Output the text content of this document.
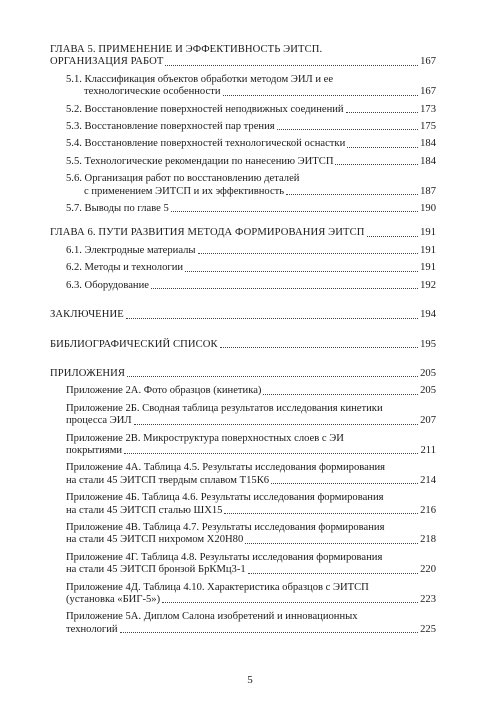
ГЛАВА 5. ПРИМЕНЕНИЕ И ЭФФЕКТИВНОСТЬ ЭИТСП.
ОРГАНИЗАЦИЯ РАБОТ	167
5.1. Классификация объектов обработки методом ЭИЛ и ее
технологические особенности	167
5.2. Восстановление поверхностей неподвижных соединений	173
5.3. Восстановление поверхностей пар трения	175
5.4. Восстановление поверхностей технологической оснастки	184
5.5. Технологические рекомендации по нанесению ЭИТСП	184
5.6. Организация работ по восстановлению деталей
с применением ЭИТСП и их эффективность	187
5.7. Выводы по главе 5	190
ГЛАВА 6. ПУТИ РАЗВИТИЯ МЕТОДА ФОРМИРОВАНИЯ ЭИТСП	191
6.1. Электродные материалы	191
6.2. Методы и технологии	191
6.3. Оборудование	192
ЗАКЛЮЧЕНИЕ	194
БИБЛИОГРАФИЧЕСКИЙ СПИСОК	195
ПРИЛОЖЕНИЯ	205
Приложение 2А. Фото образцов (кинетика)	205
Приложение 2Б. Сводная таблица результатов исследования кинетики
процесса ЭИЛ	207
Приложение 2В. Микроструктура поверхностных слоев с ЭИ
покрытиями	211
Приложение 4А. Таблица 4.5. Результаты исследования формирования
на стали 45 ЭИТСП твердым сплавом Т15К6	214
Приложение 4Б. Таблица 4.6. Результаты исследования формирования
на стали 45 ЭИТСП сталью ШХ15	216
Приложение 4В. Таблица 4.7. Результаты исследования формирования
на стали 45 ЭИТСП нихромом Х20Н80	218
Приложение 4Г. Таблица 4.8. Результаты исследования формирования
на стали 45 ЭИТСП бронзой БрКМц3-1	220
Приложение 4Д. Таблица 4.10. Характеристика образцов с ЭИТСП
(установка «БИГ-5»)	223
Приложение 5А. Диплом Салона изобретений и инновационных
технологий	225
5
